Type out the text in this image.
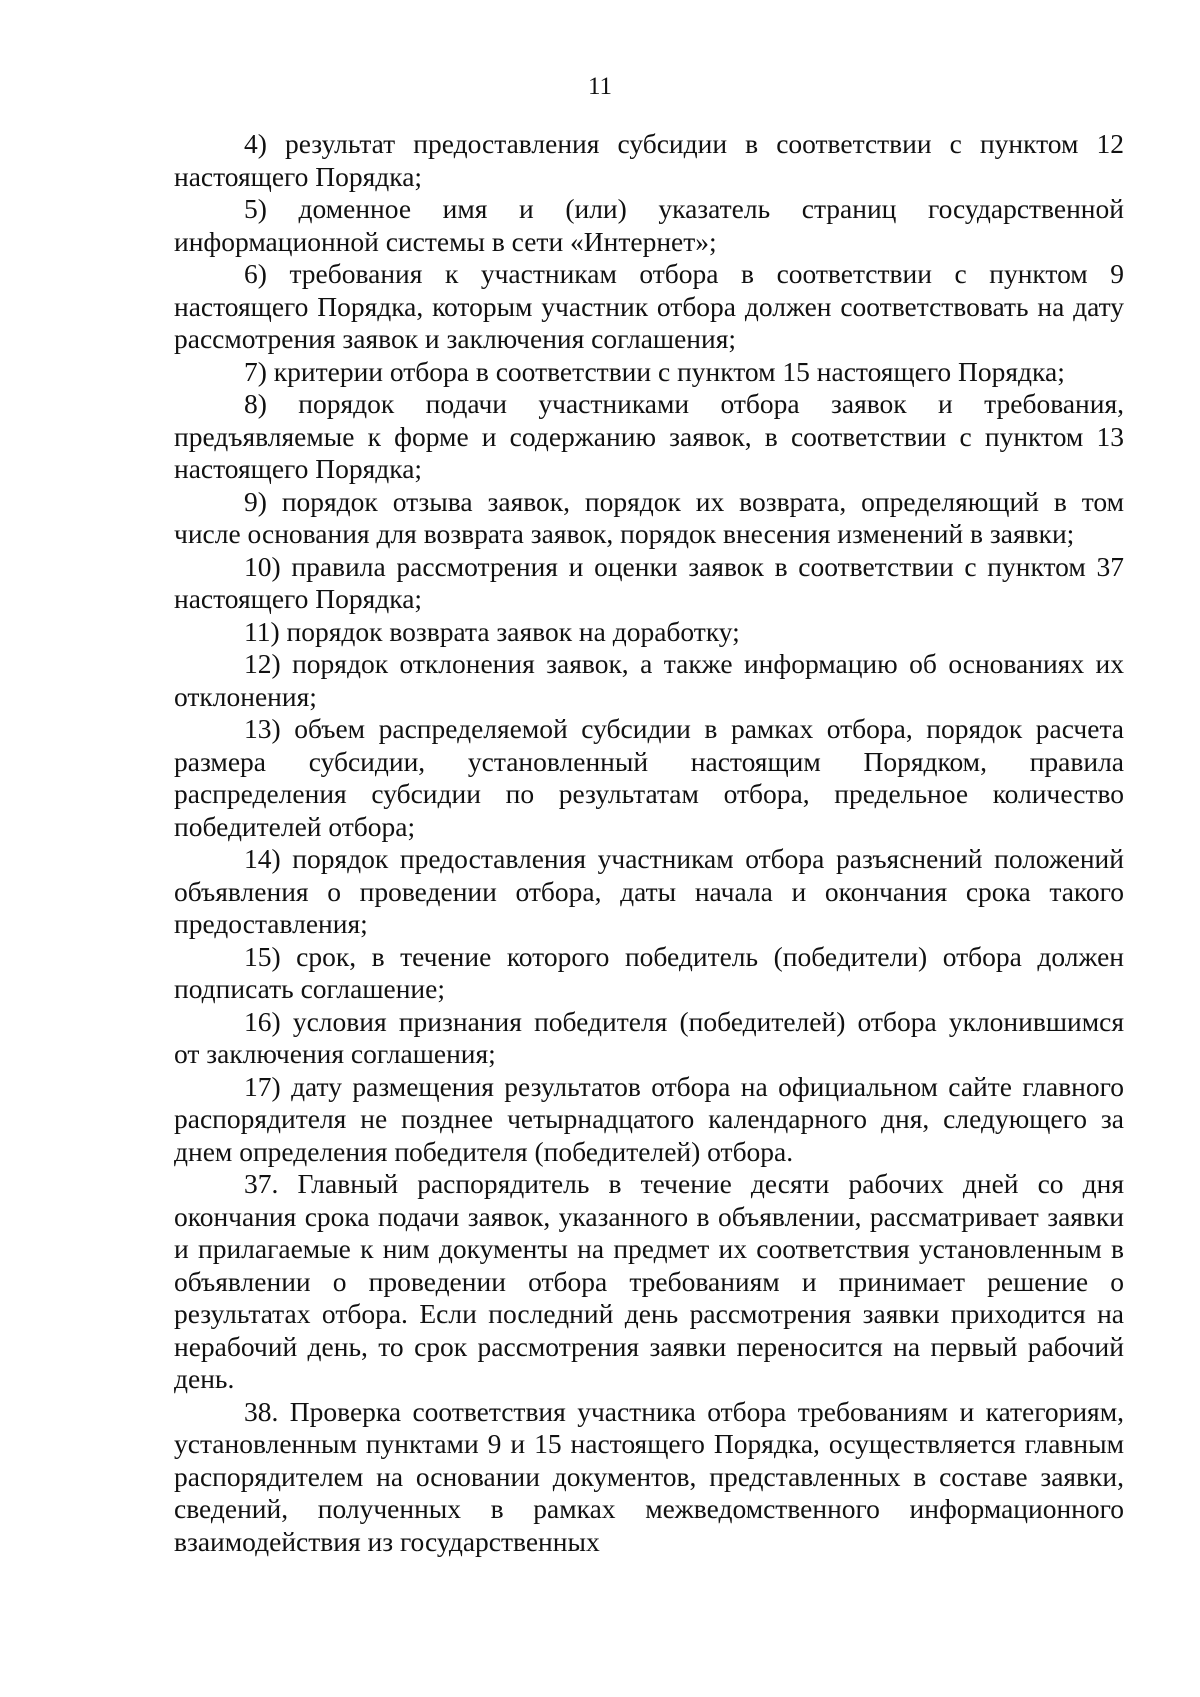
11

4) результат предоставления субсидии в соответствии с пунктом 12 настоящего Порядка;

5) доменное имя и (или) указатель страниц государственной информационной системы в сети «Интернет»;

6) требования к участникам отбора в соответствии с пунктом 9 настоящего Порядка, которым участник отбора должен соответствовать на дату рассмотрения заявок и заключения соглашения;

7) критерии отбора в соответствии с пунктом 15 настоящего Порядка;

8) порядок подачи участниками отбора заявок и требования, предъявляемые к форме и содержанию заявок, в соответствии с пунктом 13 настоящего Порядка;

9) порядок отзыва заявок, порядок их возврата, определяющий в том числе основания для возврата заявок, порядок внесения изменений в заявки;

10) правила рассмотрения и оценки заявок в соответствии с пунктом 37 настоящего Порядка;

11) порядок возврата заявок на доработку;

12) порядок отклонения заявок, а также информацию об основаниях их отклонения;

13) объем распределяемой субсидии в рамках отбора, порядок расчета размера субсидии, установленный настоящим Порядком, правила распределения субсидии по результатам отбора, предельное количество победителей отбора;

14) порядок предоставления участникам отбора разъяснений положений объявления о проведении отбора, даты начала и окончания срока такого предоставления;

15) срок, в течение которого победитель (победители) отбора должен подписать соглашение;

16) условия признания победителя (победителей) отбора уклонившимся от заключения соглашения;

17) дату размещения результатов отбора на официальном сайте главного распорядителя не позднее четырнадцатого календарного дня, следующего за днем определения победителя (победителей) отбора.

37. Главный распорядитель в течение десяти рабочих дней со дня окончания срока подачи заявок, указанного в объявлении, рассматривает заявки и прилагаемые к ним документы на предмет их соответствия установленным в объявлении о проведении отбора требованиям и принимает решение о результатах отбора. Если последний день рассмотрения заявки приходится на нерабочий день, то срок рассмотрения заявки переносится на первый рабочий день.

38. Проверка соответствия участника отбора требованиям и категориям, установленным пунктами 9 и 15 настоящего Порядка, осуществляется главным распорядителем на основании документов, представленных в составе заявки, сведений, полученных в рамках межведомственного информационного взаимодействия из государственных
